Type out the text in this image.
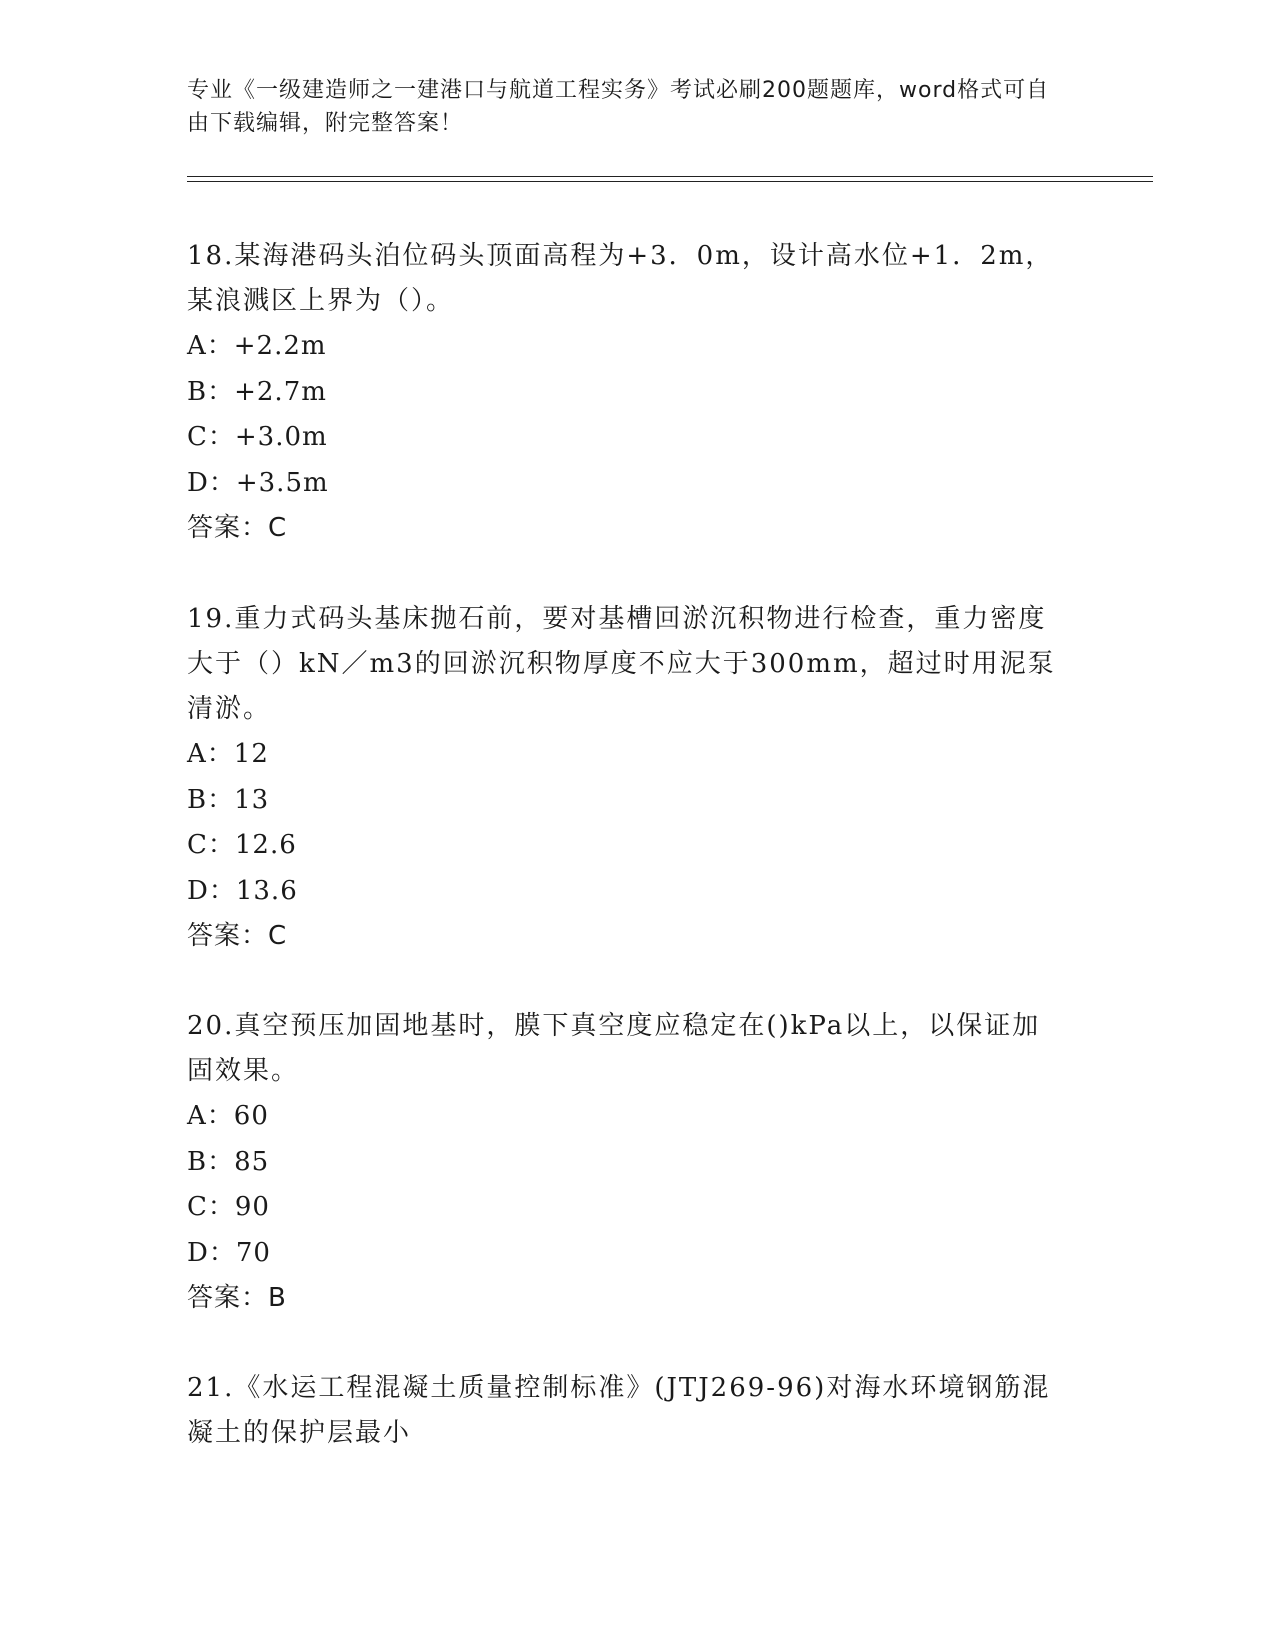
专业《一级建造师之一建港口与航道工程实务》考试必刷200题题库，word格式可自由下载编辑，附完整答案！
18.某海港码头泊位码头顶面高程为+3．0m，设计高水位+1．2m，某浪溅区上界为（）。
A：+2.2m
B：+2.7m
C：+3.0m
D：+3.5m
答案：C
19.重力式码头基床抛石前，要对基槽回淤沉积物进行检查，重力密度大于（）kN／m3的回淤沉积物厚度不应大于300mm，超过时用泥泵清淤。
A：12
B：13
C：12.6
D：13.6
答案：C
20.真空预压加固地基时，膜下真空度应稳定在()kPa以上，以保证加固效果。
A：60
B：85
C：90
D：70
答案：B
21.《水运工程混凝土质量控制标准》(JTJ269-96)对海水环境钢筋混凝土的保护层最小
